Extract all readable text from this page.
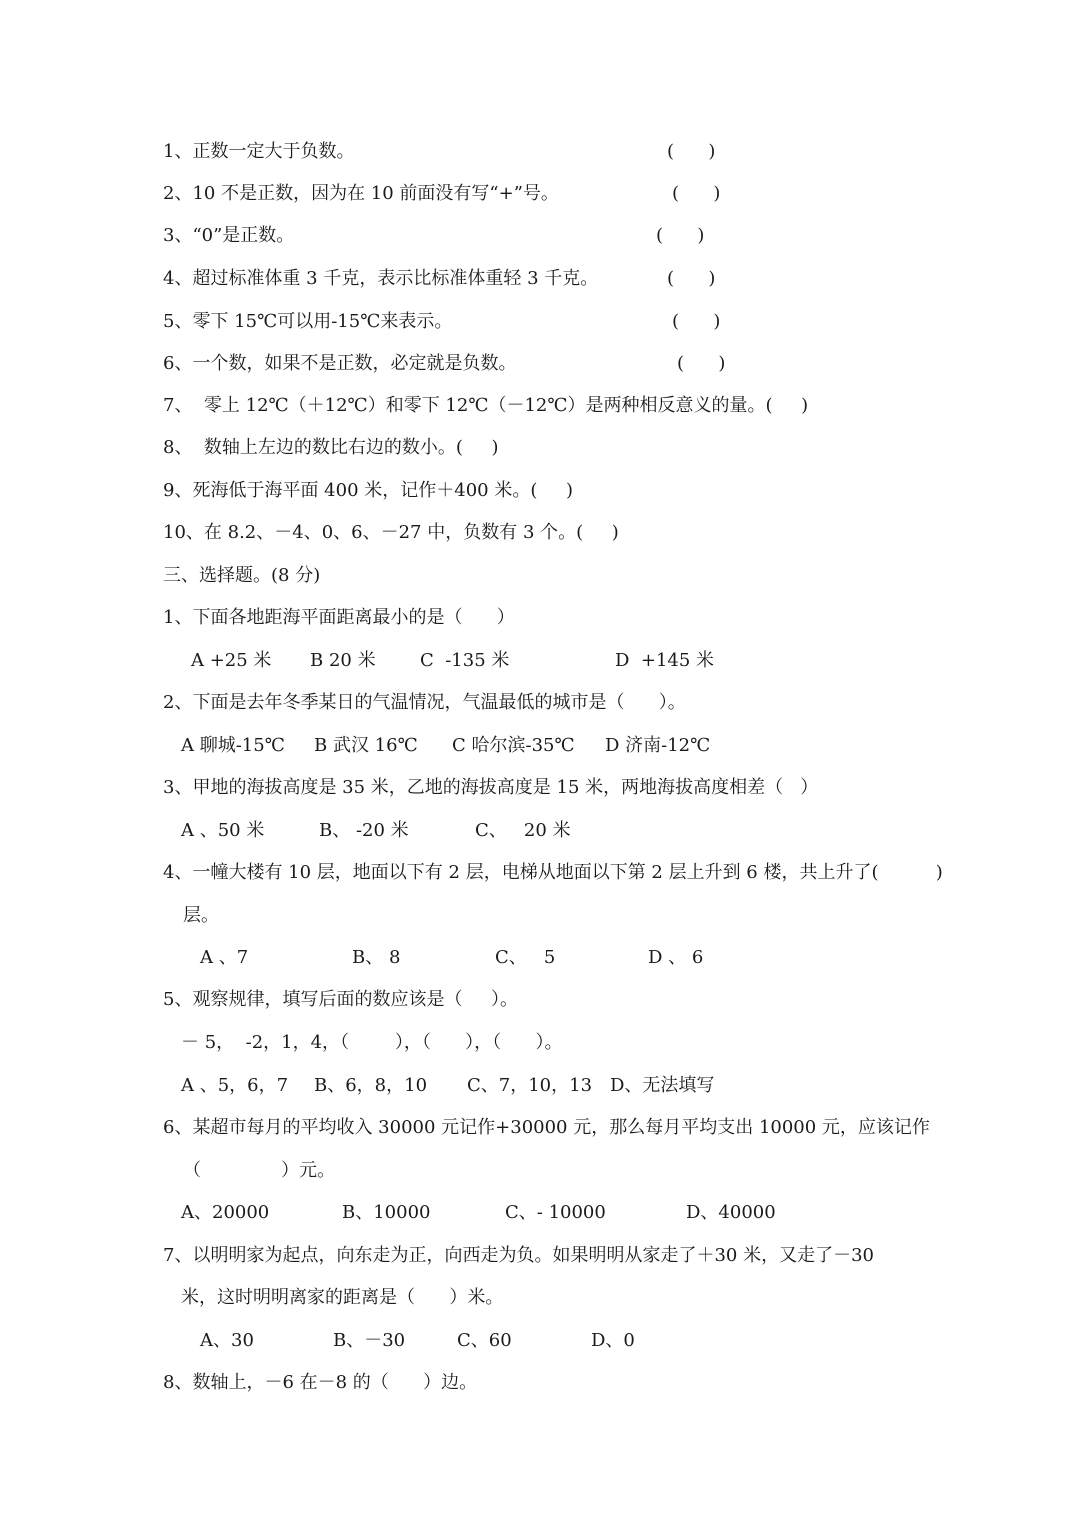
1、正数一定大于负数。	(      )
2、10 不是正数，因为在 10 前面没有写“+”号。	(      )
3、“0”是正数。	(      )
4、超过标准体重 3 千克，表示比标准体重轻 3 千克。	(      )
5、零下 15℃可以用-15℃来表示。	(      )
6、一个数，如果不是正数，必定就是负数。	(      )
7、  零上 12℃（＋12℃）和零下 12℃（－12℃）是两种相反意义的量。(     )
8、  数轴上左边的数比右边的数小。(     )
9、死海低于海平面 400 米，记作＋400 米。(     )
10、在 8.2、－4、0、6、－27 中，负数有 3 个。(     )
三、选择题。(8 分)
1、下面各地距海平面距离最小的是（      ）
A +25 米 B 20 米 C  -135 米	D  +145 米
2、下面是去年冬季某日的气温情况，气温最低的城市是（      ）。
A 聊城-15℃ B 武汉 16℃ C 哈尔滨-35℃ D 济南-12℃
3、甲地的海拔高度是 35 米，乙地的海拔高度是 15 米，两地海拔高度相差（   ）
A 、50 米	B、 -20 米	C、   20 米
4、一幢大楼有 10 层，地面以下有 2 层，电梯从地面以下第 2 层上升到 6 楼，共上升了(          )
层。
A 、7	B、 8	C、   5	D 、 6
5、观察规律，填写后面的数应该是（     ）。
－ 5，  -2，1，4，（        ），（      ），（      ）。
A 、5，6，7 B、6，8，10 C、7，10，13 D、无法填写
6、某超市每月的平均收入 30000 元记作+30000 元，那么每月平均支出 10000 元，应该记作
（              ）元。
A、20000	B、10000	C、- 10000	D、40000
7、以明明家为起点，向东走为正，向西走为负。如果明明从家走了＋30 米，又走了－30
米，这时明明离家的距离是（      ）米。
A、30	B、－30	C、60	D、0
8、数轴上，－6 在－8 的（      ）边。
